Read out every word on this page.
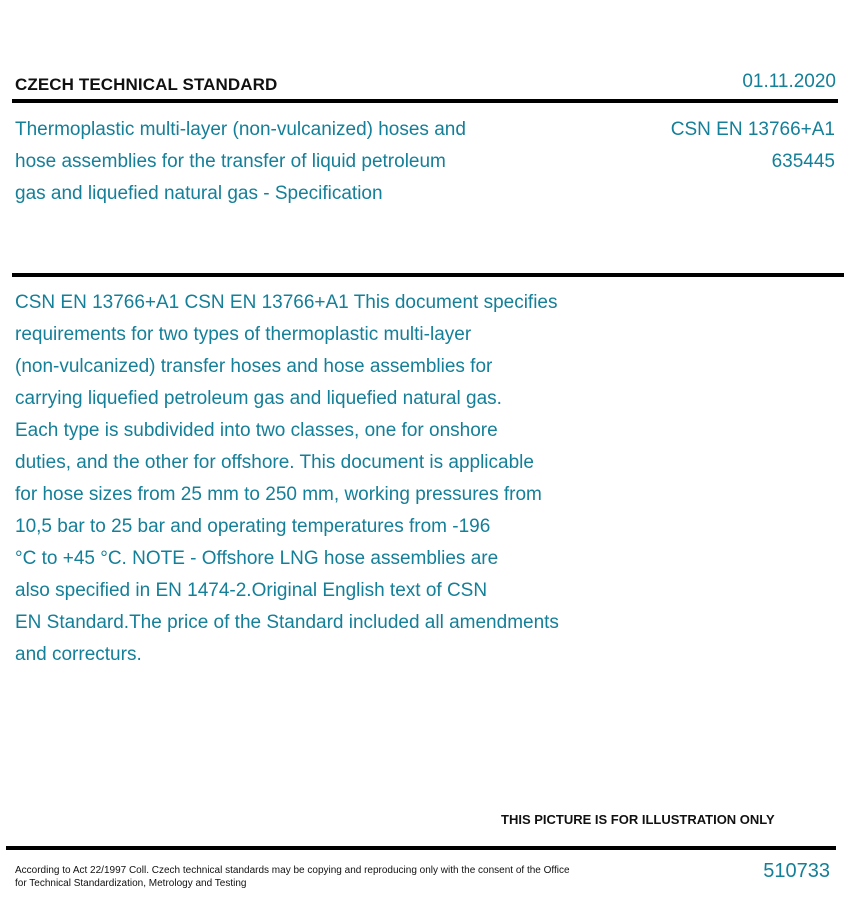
CZECH TECHNICAL STANDARD	01.11.2020
Thermoplastic multi-layer (non-vulcanized) hoses and
hose assemblies for the transfer of liquid petroleum
gas and liquefied natural gas - Specification
CSN EN 13766+A1
635445
CSN EN 13766+A1 CSN EN 13766+A1 This document specifies
requirements for two types of thermoplastic multi-layer
(non-vulcanized) transfer hoses and hose assemblies for
carrying liquefied petroleum gas and liquefied natural gas.
Each type is subdivided into two classes, one for onshore
duties, and the other for offshore. This document is applicable
for hose sizes from 25 mm to 250 mm, working pressures from
10,5 bar to 25 bar and operating temperatures from -196
°C to +45 °C. NOTE - Offshore LNG hose assemblies are
also specified in EN 1474-2.Original English text of CSN
EN Standard.The price of the Standard included all amendments
and correcturs.
THIS PICTURE IS FOR ILLUSTRATION ONLY
According to Act 22/1997 Coll. Czech technical standards may be copying and reproducing only with the consent of the Office
for Technical Standardization, Metrology and Testing
510733
